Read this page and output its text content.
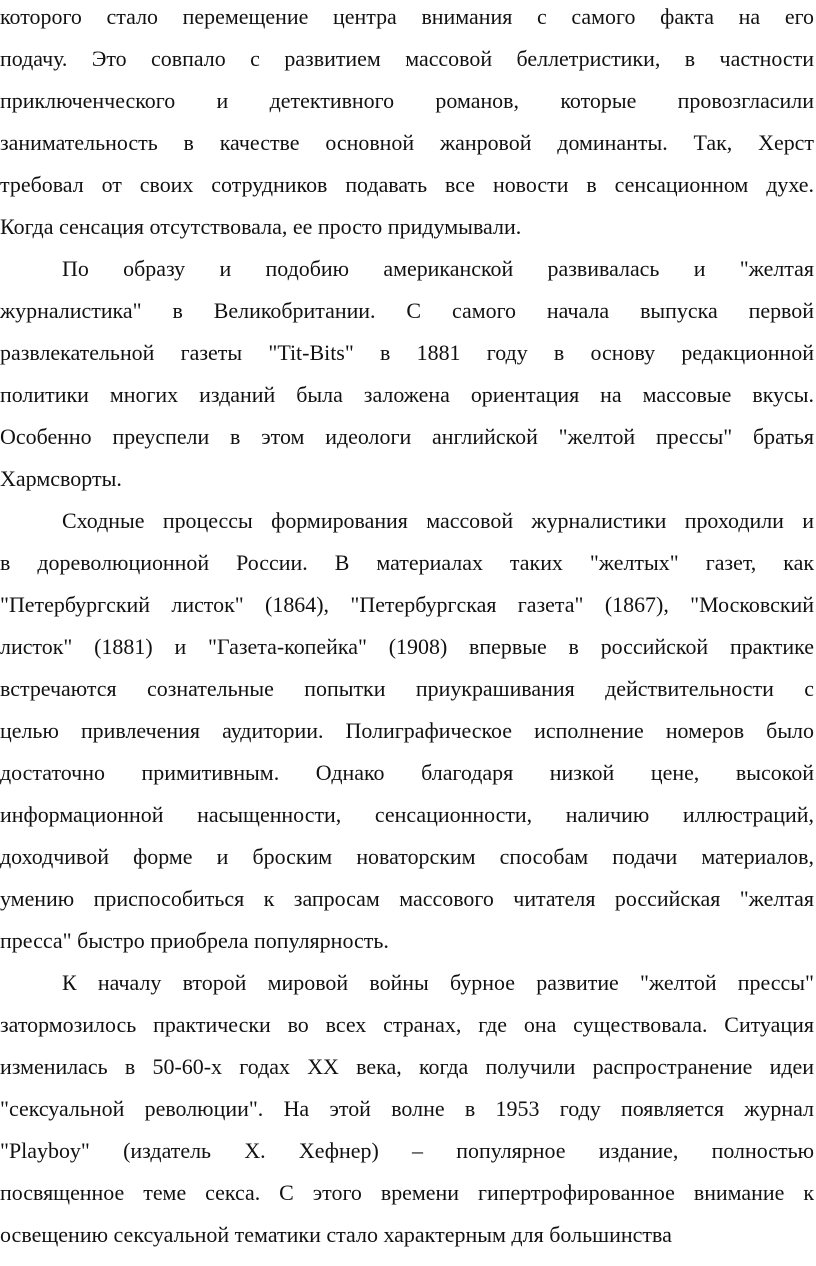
которого стало перемещение центра внимания с самого факта на его
подачу. Это совпало с развитием массовой беллетристики, в частности
приключенческого и детективного романов, которые провозгласили
занимательность в качестве основной жанровой доминанты. Так, Херст
требовал от своих сотрудников подавать все новости в сенсационном духе.
Когда сенсация отсутствовала, ее просто придумывали.
По образу и подобию американской развивалась и "желтая
журналистика" в Великобритании. С самого начала выпуска первой
развлекательной газеты "Tit-Bits" в 1881 году в основу редакционной
политики многих изданий была заложена ориентация на массовые вкусы.
Особенно преуспели в этом идеологи английской "желтой прессы" братья
Хармсворты.
Сходные процессы формирования массовой журналистики проходили и
в дореволюционной России. В материалах таких "желтых" газет, как
"Петербургский листок" (1864), "Петербургская газета" (1867), "Московский
листок" (1881) и "Газета-копейка" (1908) впервые в российской практике
встречаются сознательные попытки приукрашивания действительности с
целью привлечения аудитории. Полиграфическое исполнение номеров было
достаточно примитивным. Однако благодаря низкой цене, высокой
информационной насыщенности, сенсационности, наличию иллюстраций,
доходчивой форме и броским новаторским способам подачи материалов,
умению приспособиться к запросам массового читателя российская "желтая
пресса" быстро приобрела популярность.
К началу второй мировой войны бурное развитие "желтой прессы"
затормозилось практически во всех странах, где она существовала. Ситуация
изменилась в 50-60-х годах XX века, когда получили распространение идеи
"сексуальной революции". На этой волне в 1953 году появляется журнал
"Playboy" (издатель Х. Хефнер) – популярное издание, полностью
посвященное теме секса. С этого времени гипертрофированное внимание к
освещению сексуальной тематики стало характерным для большинства
